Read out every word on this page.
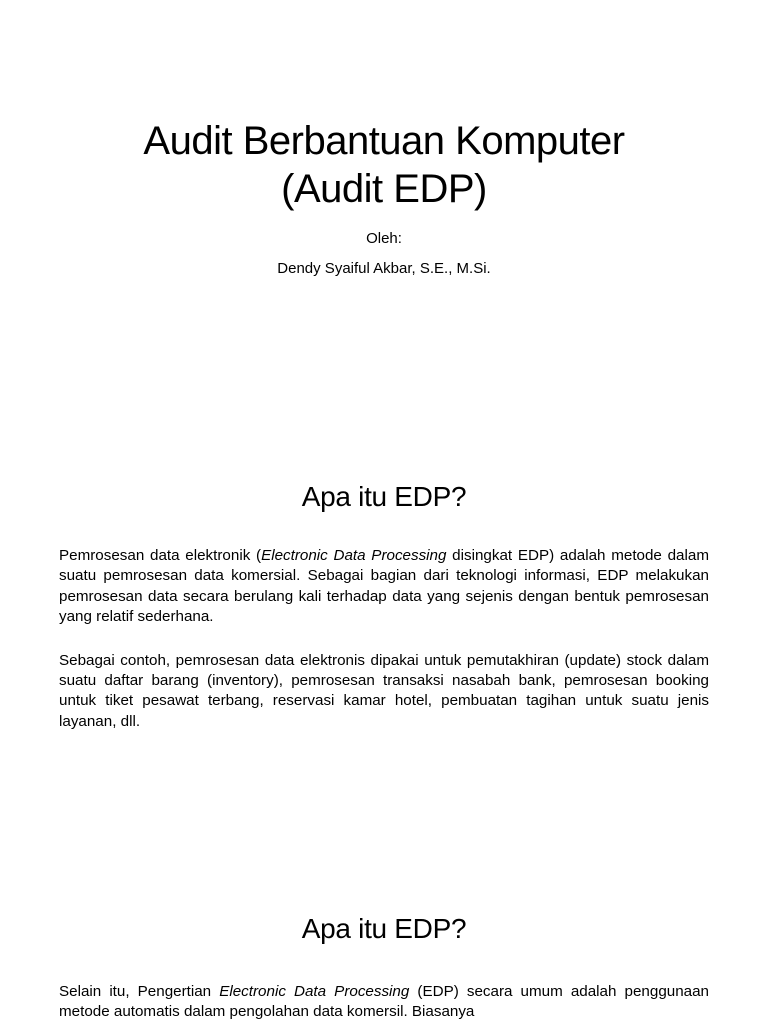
Audit Berbantuan Komputer
(Audit EDP)

Oleh:

Dendy Syaiful Akbar, S.E., M.Si.

Apa itu EDP?

Pemrosesan data elektronik (Electronic Data Processing disingkat EDP) adalah metode dalam suatu pemrosesan data komersial. Sebagai bagian dari teknologi informasi, EDP melakukan pemrosesan data secara berulang kali terhadap data yang sejenis dengan bentuk pemrosesan yang relatif sederhana.

Sebagai contoh, pemrosesan data elektronis dipakai untuk pemutakhiran (update) stock dalam suatu daftar barang (inventory), pemrosesan transaksi nasabah bank, pemrosesan booking untuk tiket pesawat terbang, reservasi kamar hotel, pembuatan tagihan untuk suatu jenis layanan, dll.

Apa itu EDP?

Selain itu, Pengertian Electronic Data Processing (EDP) secara umum adalah penggunaan metode automatis dalam pengolahan data komersil. Biasanya
